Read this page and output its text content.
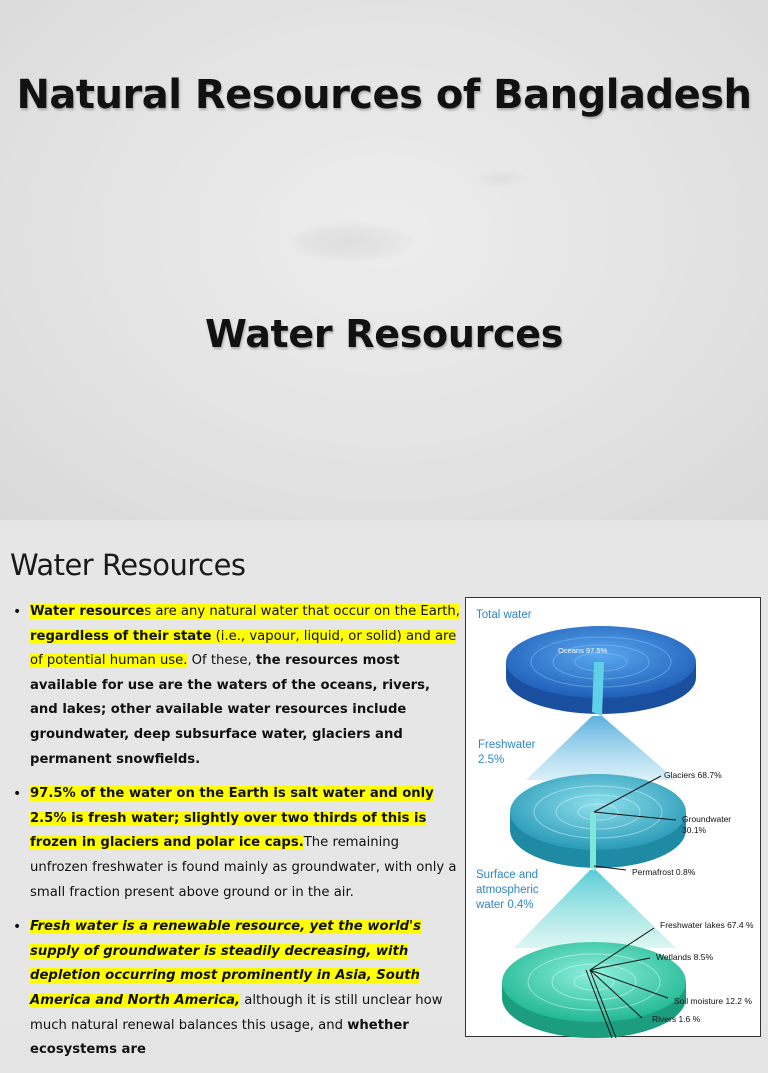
Natural Resources of Bangladesh
Water Resources
Water Resources
• Water resources are any natural water that occur on the Earth, regardless of their state (i.e., vapour, liquid, or solid) and are of potential human use. Of these, the resources most available for use are the waters of the oceans, rivers, and lakes; other available water resources include groundwater, deep subsurface water, glaciers and permanent snowfields.
• 97.5% of the water on the Earth is salt water and only 2.5% is fresh water; slightly over two thirds of this is frozen in glaciers and polar ice caps.The remaining unfrozen freshwater is found mainly as groundwater, with only a small fraction present above ground or in the air.
• Fresh water is a renewable resource, yet the world's supply of groundwater is steadily decreasing, with depletion occurring most prominently in Asia, South America and North America, although it is still unclear how much natural renewal balances this usage, and whether ecosystems are
Total water
Oceans 97.5%
Freshwater
2.5%
Glaciers 68.7%
Groundwater
30.1%
Permafrost 0.8%
Surface and
atmospheric
water 0.4%
Freshwater lakes 67.4 %
Wetlands 8.5%
Soil moisture 12.2 %
Rivers 1.6 %
